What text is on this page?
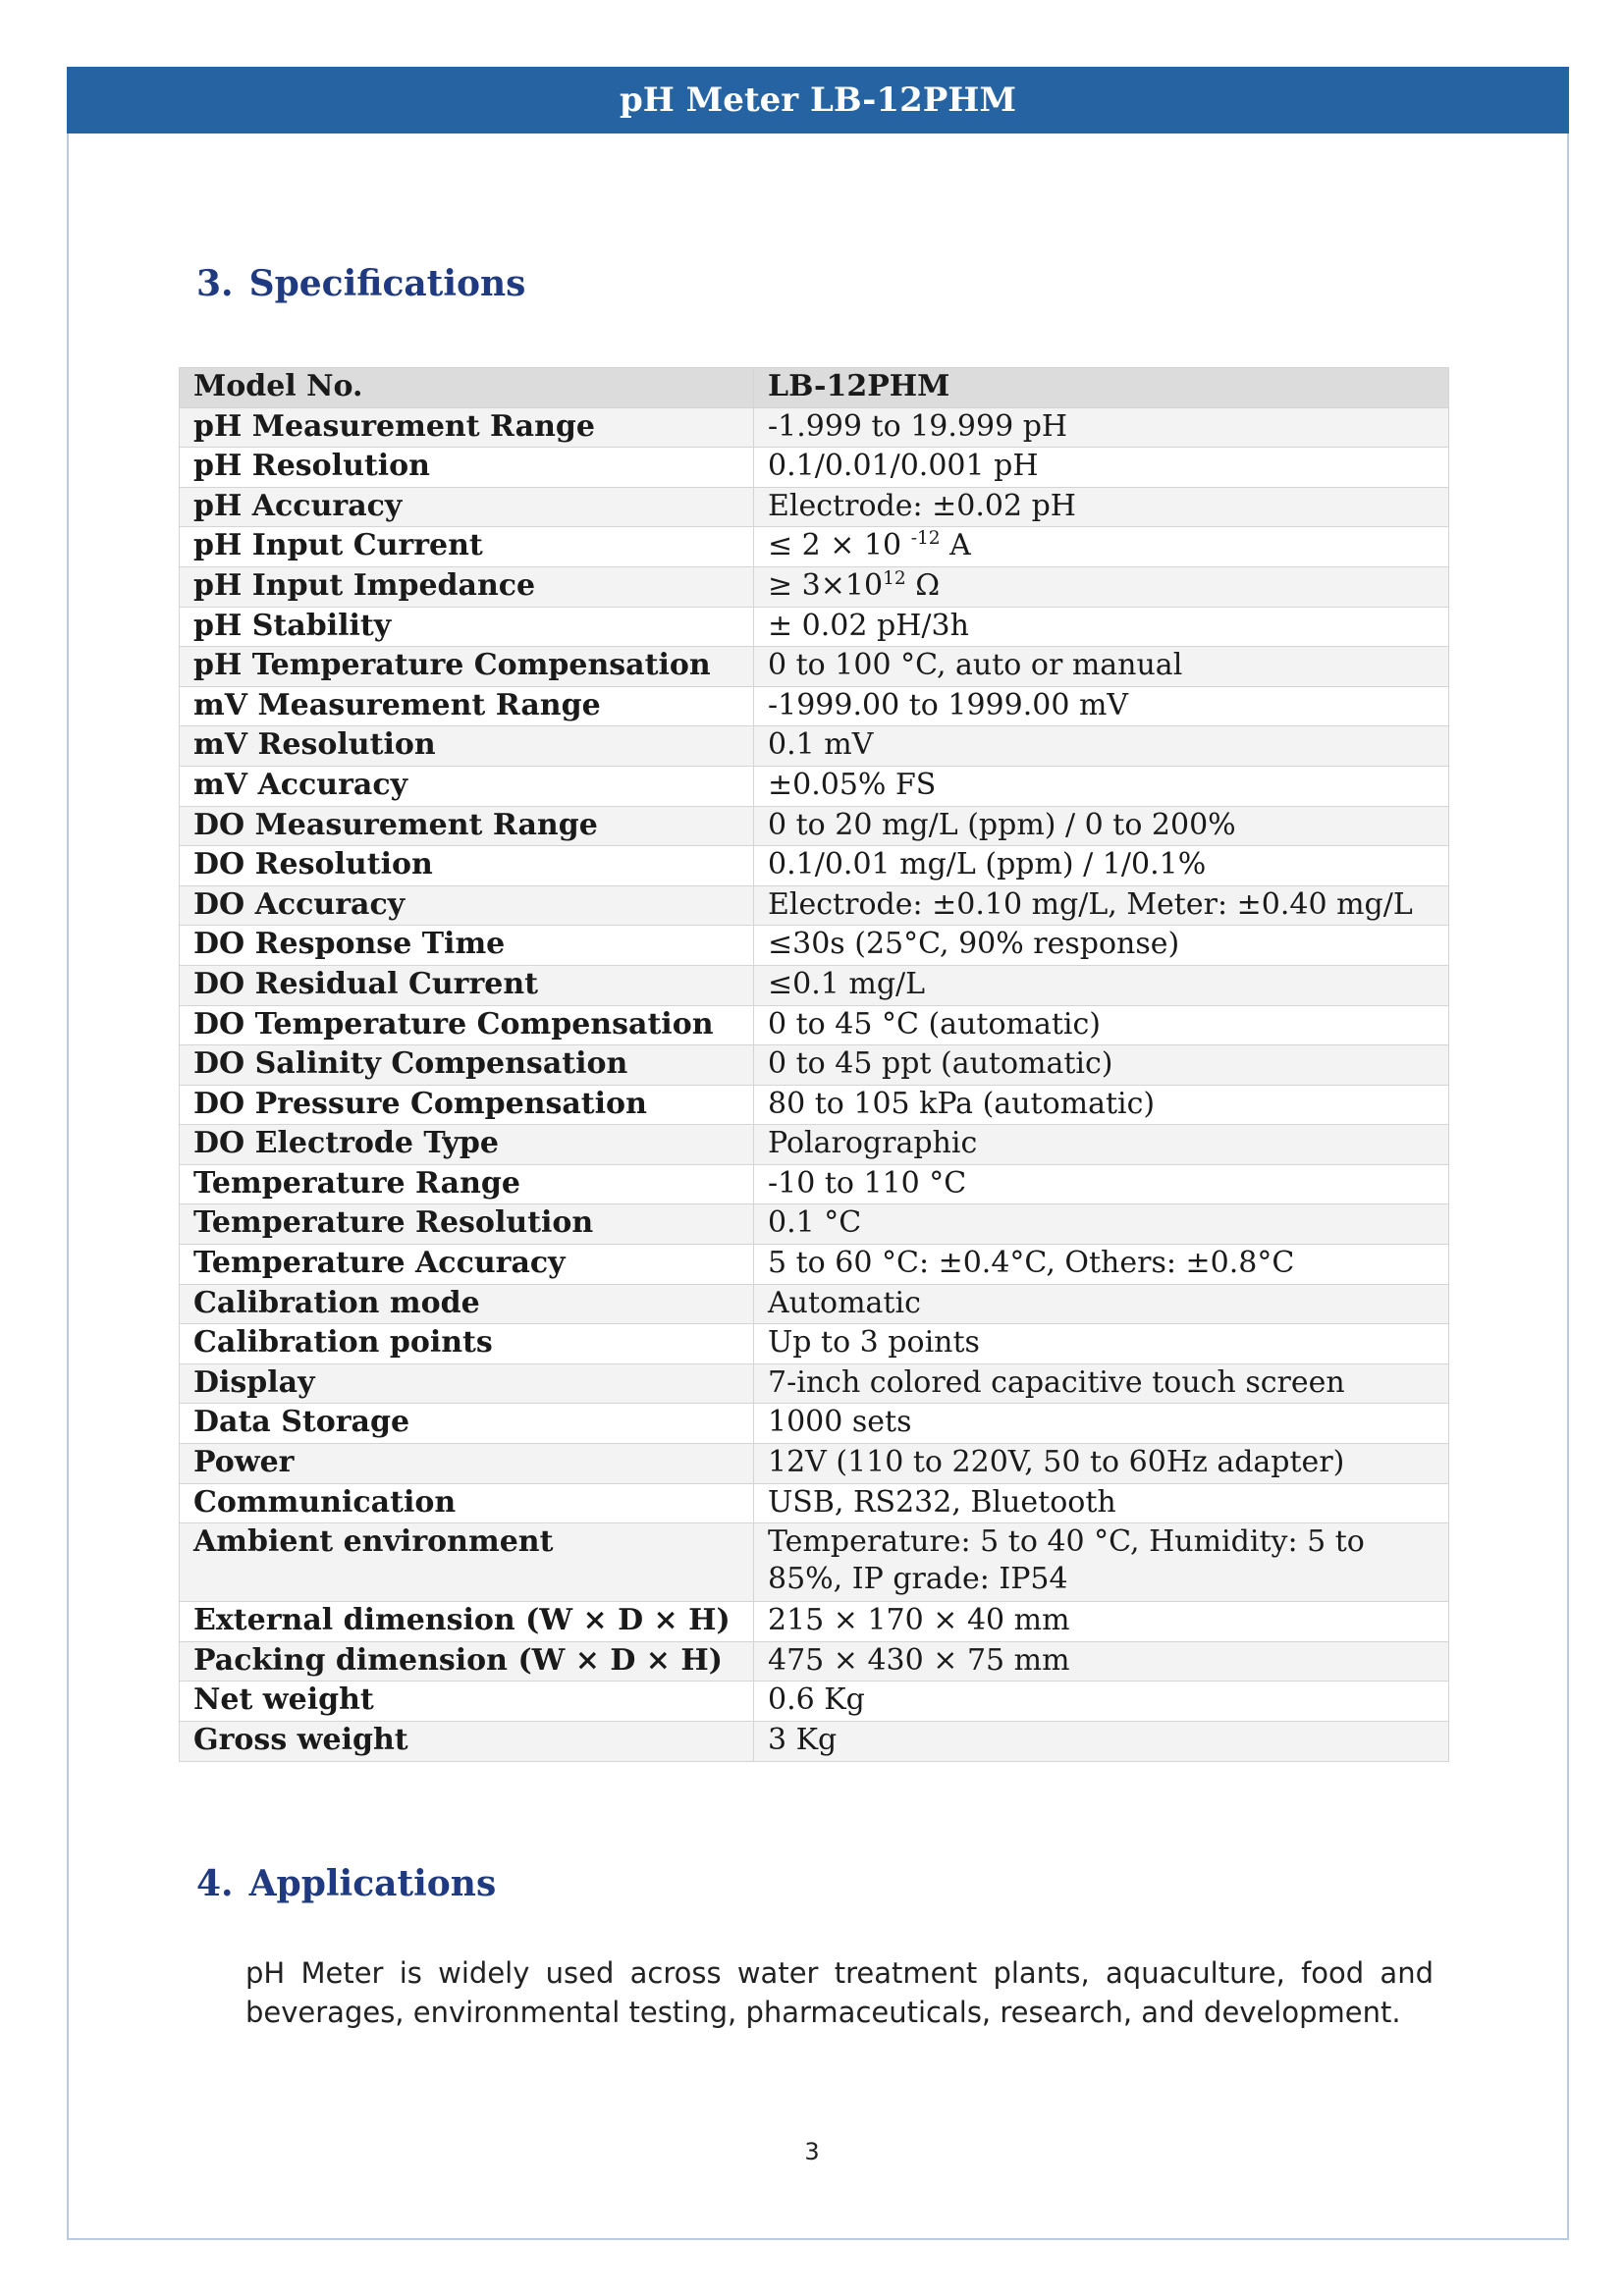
pH Meter LB-12PHM
3. Specifications
Model No.	LB-12PHM
pH Measurement Range	-1.999 to 19.999 pH
pH Resolution	0.1/0.01/0.001 pH
pH Accuracy	Electrode: ±0.02 pH
pH Input Current	≤ 2 × 10 $^{-12}$ A
pH Input Impedance	≥ $3\times 10^{12}$ Ω
pH Stability	± 0.02 pH/3h
pH Temperature Compensation	0 to 100 °C, auto or manual
mV Measurement Range	-1999.00 to 1999.00 mV
mV Resolution	0.1 mV
mV Accuracy	±0.05% FS
DO Measurement Range	0 to 20 mg/L (ppm) / 0 to 200%
DO Resolution	0.1/0.01 mg/L (ppm) / 1/0.1%
DO Accuracy	Electrode: ±0.10 mg/L, Meter: ±0.40 mg/L
DO Response Time	≤30s (25°C, 90% response)
DO Residual Current	≤0.1 mg/L
DO Temperature Compensation	0 to 45 °C (automatic)
DO Salinity Compensation	0 to 45 ppt (automatic)
DO Pressure Compensation	80 to 105 kPa (automatic)
DO Electrode Type	Polarographic
Temperature Range	-10 to 110 °C
Temperature Resolution	0.1 °C
Temperature Accuracy	5 to 60 °C: ±0.4°C, Others: ±0.8°C
Calibration mode	Automatic
Calibration points	Up to 3 points
Display	7-inch colored capacitive touch screen
Data Storage	1000 sets
Power	12V (110 to 220V, 50 to 60Hz adapter)
Communication	USB, RS232, Bluetooth
Ambient environment	Temperature: 5 to 40 °C, Humidity: 5 to 85%, IP grade: IP54
External dimension (W × D × H)	215 × 170 × 40 mm
Packing dimension (W × D × H)	475 × 430 × 75 mm
Net weight	0.6 Kg
Gross weight	3 Kg
4. Applications
pH Meter is widely used across water treatment plants, aquaculture, food and beverages, environmental testing, pharmaceuticals, research, and development.
3
